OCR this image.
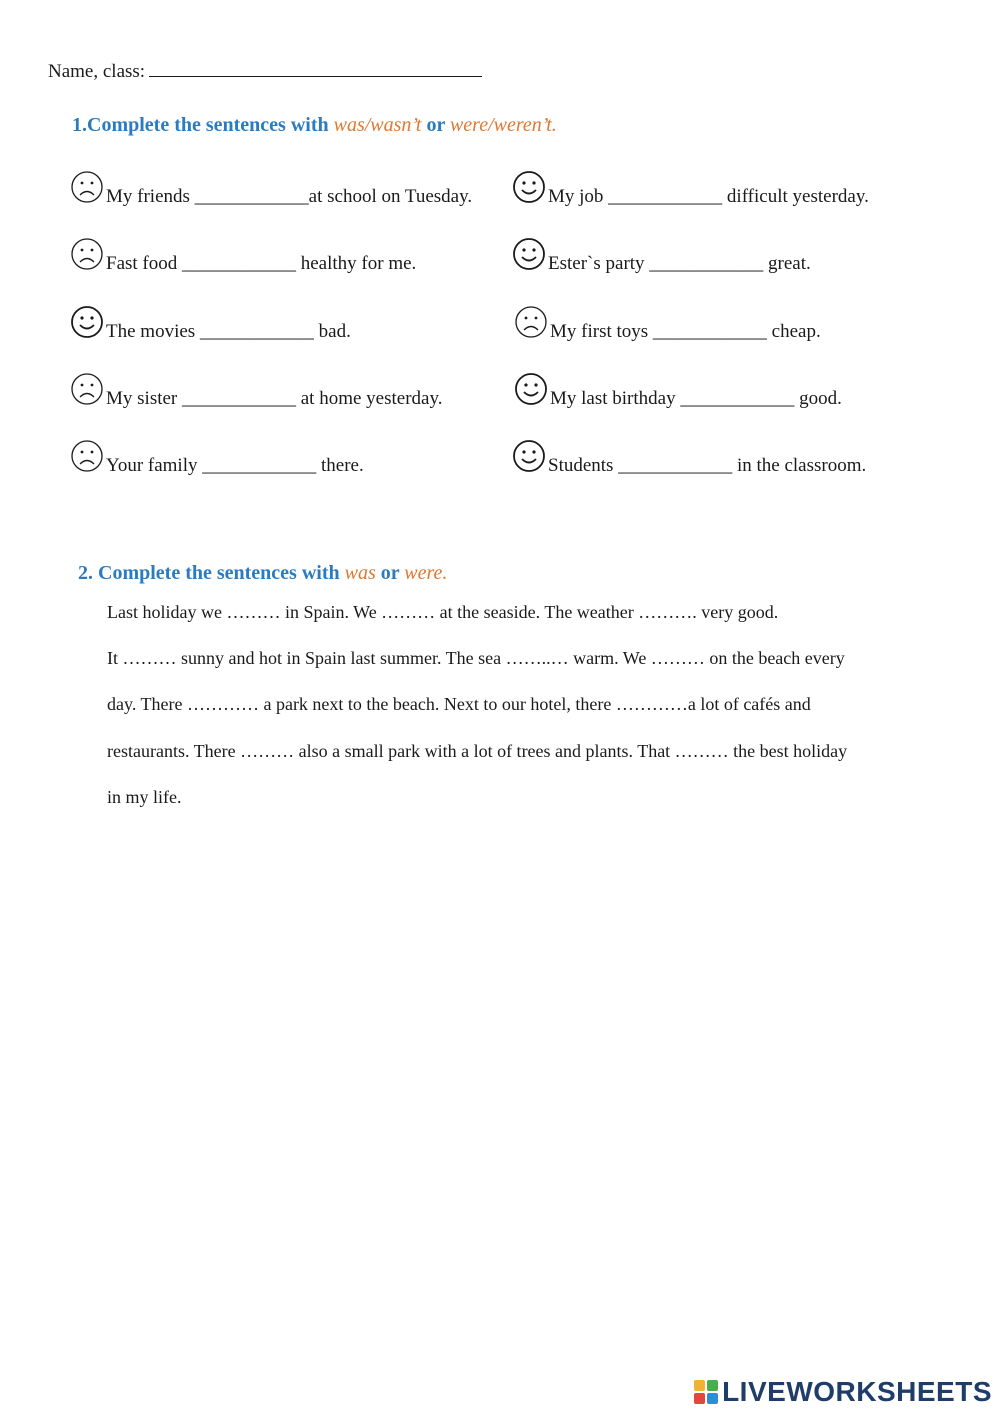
Name, class:
1.Complete the sentences with was/wasn’t or were/weren’t.
My friends ____________at school on Tuesday.	My job ____________ difficult yesterday.
Fast food ____________ healthy for me.	Ester`s party ____________ great.
The movies ____________ bad.	My first toys ____________ cheap.
My sister ____________ at home yesterday.	My last birthday ____________ good.
Your family ____________ there.	Students ____________ in the classroom.
2. Complete the sentences with was or were.
Last holiday we ……… in Spain. We ……… at the seaside. The weather ………. very good.
It ……… sunny and hot in Spain last summer. The sea ……..… warm. We ……… on the beach every
day. There ………… a park next to the beach. Next to our hotel, there …………a lot of cafés and
restaurants. There ……… also a small park with a lot of trees and plants. That ……… the best holiday
in my life.
LIVEWORKSHEETS
